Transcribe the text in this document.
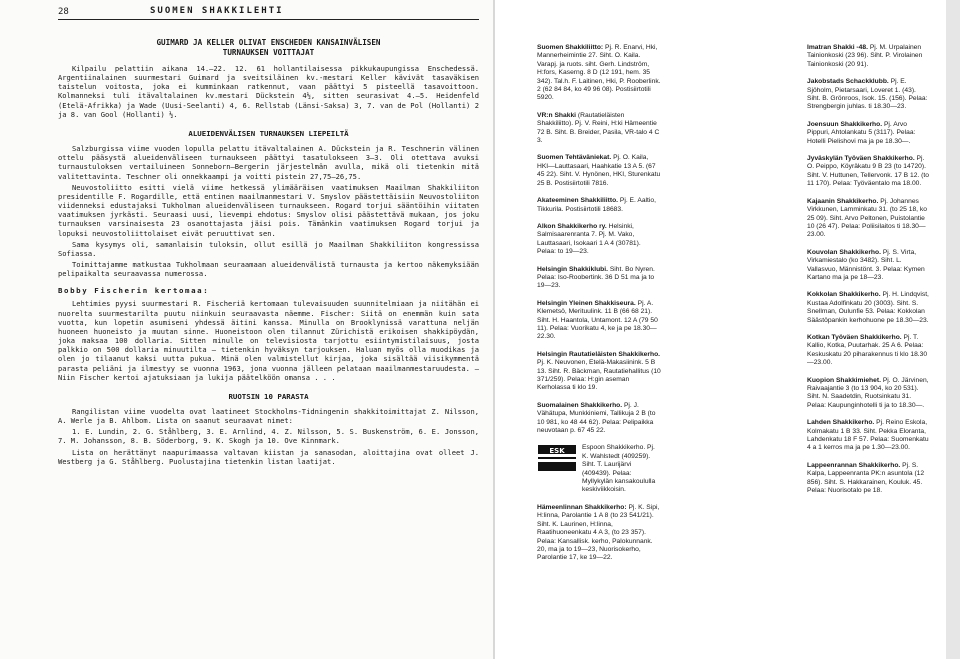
28	SUOMEN SHAKKILEHTI
GUIMARD JA KELLER OLIVAT ENSCHEDEN KANSAINVÄLISEN
TURNAUKSEN VOITTAJAT

Kilpailu pelattiin aikana 14.—22. 12. 61 hollantilaisessa pikkukaupungissa Enschedessä. Argentiinalainen suurmestari Guimard ja sveitsiläinen kv.-mestari Keller kävivät tasaväkisen taistelun voitosta, joka ei kumminkaan ratkennut, vaan päättyi 5 pisteellä tasavoittoon. Kolmanneksi tuli itävaltalainen kv.mestari Dückstein 4½, sitten seurasivat 4.—5. Heidenfeld (Etelä-Afrikka) ja Wade (Uusi-Seelanti) 4, 6. Rellstab (Länsi-Saksa) 3, 7. van de Pol (Hollanti) 2 ja 8. van Gool (Hollanti) ½.

ALUEIDENVÄLISEN TURNAUKSEN LIEPEILTÄ

Salzburgissa viime vuoden lopulla pelattu itävaltalainen A. Dückstein ja R. Teschnerin välinen ottelu pääsystä alueidenväliseen turnaukseen päättyi tasatulokseen 3—3. Oli otettava avuksi turnaustuloksen vertailuineen Sonneborn—Bergerin järjestelmän avulla, mikä oli tietenkin mitä valitettavinta. Teschner oli onnekkaampi ja voitti pistein 27,75—26,75.

Neuvostoliitto esitti vielä viime hetkessä ylimääräisen vaatimuksen Maailman Shakkiliiton presidentille F. Rogardille, että entinen maailmanmestari V. Smyslov päästettäisiin Neuvostoliiton viidenneksi edustajaksi Tukholman alueidenväliseen turnaukseen. Rogard torjui sääntöihin viitaten vaatimuksen jyrkästi. Seuraasi uusi, lievempi ehdotus: Smyslov olisi päästettävä mukaan, jos joku turnauksen varsinaisesta 23 osanottajasta jäisi pois. Tämänkin vaatimuksen Rogard torjui ja lopuksi neuvostoliittolaiset eivät peruuttivat sen.

Sama kysymys oli, samanlaisin tuloksin, ollut esillä jo Maailman Shakkiliiton kongressissa Sofiassa.

Toimittajamme matkustaa Tukholmaan seuraamaan alueidenvälistä turnausta ja kertoo näkemyksiään pelipaikalta seuraavassa numerossa.

Bobby Fischerin kertomaa:

Lehtimies pyysi suurmestari R. Fischeriä kertomaan tulevaisuuden suunnitelmiaan ja niitähän ei nuorelta suurmestarilta puutu niinkuin seuraavasta näemme. Fischer: Siitä on enemmän kuin sata vuotta, kun lopetin asumiseni yhdessä äitini kanssa. Minulla on Brooklynissä varattuna neljän huoneen huoneisto ja muutan sinne. Huoneistoon olen tilannut Zürichistä erikoisen shakkipöydän, joka maksaa 100 dollaria. Sitten minulle on televisiosta tarjottu esiintymistilaisuus, josta palkkio on 500 dollaria minuutilta — tietenkin hyväksyn tarjouksen. Haluan myös olla muodikas ja olen jo tilaanut kaksi uutta pukua. Minä olen valmistellut kirjaa, joka sisältää viisikymmentä parasta peliäni ja ilmestyy se vuonna 1963, jona vuonna jälleen pelataan maailmanmestaruudesta. — Niin Fischer kertoi ajatuksiaan ja lukija päätelköön omansa . . .

RUOTSIN 10 PARASTA

Rangilistan viime vuodelta ovat laatineet Stockholms-Tidningenin shakkitoimittajat Z. Nilsson, A. Werle ja B. Ahlbom. Lista on saanut seuraavat nimet:

1. E. Lundin, 2. G. Ståhlberg, 3. E. Arnlind, 4. Z. Nilsson, 5. S. Buskenström, 6. E. Jonsson, 7. M. Johansson, 8. B. Söderborg, 9. K. Skogh ja 10. Ove Kinnmark.

Lista on herättänyt naapurimaassa valtavan kiistan ja sanasodan, aloittajina ovat olleet J. Westberg ja G. Ståhlberg. Puolustajina tietenkin listan laatijat.

Suomen Shakkiliitto: Pj. R. Enarvi, Hki, Mannerheimintie 27. Siht. O. Kaila. Varapj. ja ruots. siht. Gerh. Lindström, H:fors, Kaserng. 8 D (12 191, hem. 35 342). Tal.h. F. Laitinen, Hki, P. Rooberlink. 2 (62 84 84, ko 49 96 08). Postisiirtotili 5920.
VR:n Shakki (Rautatieläisten Shakkiliitto). Pj. V. Reini, H:ki Hämeentie 72 B. Siht. B. Breider, Pasila, VR-talo 4 C 3.
Suomen Tehtäväniekat. Pj. O. Kaila, HKI—Lauttasaari, Haahkatie 13 A 5. (67 45 22). Siht. V. Hynönen, HKI, Sturenkatu 25 B. Postisiirtotili 7816.
Akateeminen Shakkiliitto. Pj. E. Aaltio, Tikkurila. Postisiirtotili 18683.
Alkon Shakkikerho ry. Helsinki, Salmisaarenranta 7. Pj. M. Vako, Lauttasaari, Isokaari 1 A 4 (30781). Pelaa: to 19—23.
Helsingin Shakkiklubi. Siht. Bo Nyren. Pelaa: Iso-Roobertink. 36 D 51 ma ja to 19—23.
Helsingin Yleinen Shakkiseura. Pj. A. Klemetsö, Merituulink. 11 B (66 68 21). Siht. H. Haantola, Untamont. 12 A (79 50 11). Pelaa: Vuorikatu 4, ke ja pe 18.30—22.30.
Helsingin Rautatieläisten Shakkikerho. Pj. K. Neuvonen, Etelä-Makasiinink. 5 B 13. Siht. R. Bäckman, Rautatiehallitus (10 371/259). Pelaa: H:gin aseman Kerholassa ti klo 19.
Suomalainen Shakkikerho. Pj. J. Vähätupa, Munkkiniemi, Tallikuja 2 B (to 10 981, ko 48 44 62). Pelaa: Pelipaikka neuvotaan p. 67 45 22.
ESK	Espoon Shakkikerho. Pj. K. Wahlstedt (409259). Siht. T. Laurijärvi (409439). Pelaa: Myllykylän kansakoululla keskiviikkoisin.
Hämeenlinnan Shakkikerho: Pj. K. Sipi, H:linna, Parolantie 1 A 8 (to 23 541/21). Siht. K. Laurinen, H:linna, Raatihuoneenkatu 4 A 3, (to 23 357). Pelaa: Kansallisk. kerho, Palokunnank. 20, ma ja to 19—23, Nuorisokerho, Parolantie 17, ke 19—22.
Imatran Shakki -48. Pj. M. Urpalainen Tainionkoski (23 96). Siht. P. Virolainen Tainionkoski (20 91).
Jakobstads Schackklubb. Pj. E. Sjöholm, Pietarsaari, Loveret 1. (43). Siht. B. Grönroos, Isok. 15. (156). Pelaa: Strengbergin juhlas. ti 18.30—23.
Joensuun Shakkikerho. Pj. Arvo Pippuri, Ahtolankatu 5 (3117). Pelaa: Hotelli Pielishovi ma ja pe 18.30—.
Jyväskylän Työväen Shakkikerho. Pj. O. Peippo, Köyräkatu 9 B 23 (to 14720). Siht. V. Huttunen, Tellervonk. 17 B 12. (to 11 170). Pelaa: Työväentalo ma 18.00.
Kajaanin Shakkikerho. Pj. Johannes Virkkunen, Lamminkatu 31. (to 25 18, ko 25 09). Siht. Arvo Peltonen, Puistolantie 10 (26 47). Pelaa: Poliisilaitos ti 18.30—23.00.
Kouvolan Shakkikerho. Pj. S. Virta, Virkamiestalo (ko 3482). Siht. L. Vallasvuo, Männistönt. 3. Pelaa: Kymen Kartano ma ja pe 18—23.
Kokkolan Shakkikerho. Pj. H. Lindqvist, Kustaa Adolfinkatu 20 (3003). Siht. S. Snellman, Oulunfie 53. Pelaa: Kokkolan Säästöpankin kerhohuone pe 18.30—23.
Kotkan Työväen Shakkikerho. Pj. T. Kallio, Kotka, Puutarhak. 25 A 6. Pelaa: Keskuskatu 20 piharakennus ti klo 18.30 —23.00.
Kuopion Shakkimiehet. Pj. O. Järvinen, Raivaajantie 3 (to 13 904, ko 20 531). Siht. N. Saadetdin, Ruotsinkatu 31. Pelaa: Kaupunginhotelli ti ja to 18.30—.
Lahden Shakkikerho. Pj. Reino Eskola, Kolmakatu 1 B 33. Siht. Pekka Eloranta, Lahdenkatu 18 F 57. Pelaa: Suomenkatu 4 a 1 kerros ma ja pe 1.30—23.00.
Lappeenrannan Shakkikerho. Pj. S. Kalpa, Lappeenranta PK:n asuntola (12 856). Siht. S. Hakkarainen, Kouluk. 45. Pelaa: Nuorisotalo pe 18.
